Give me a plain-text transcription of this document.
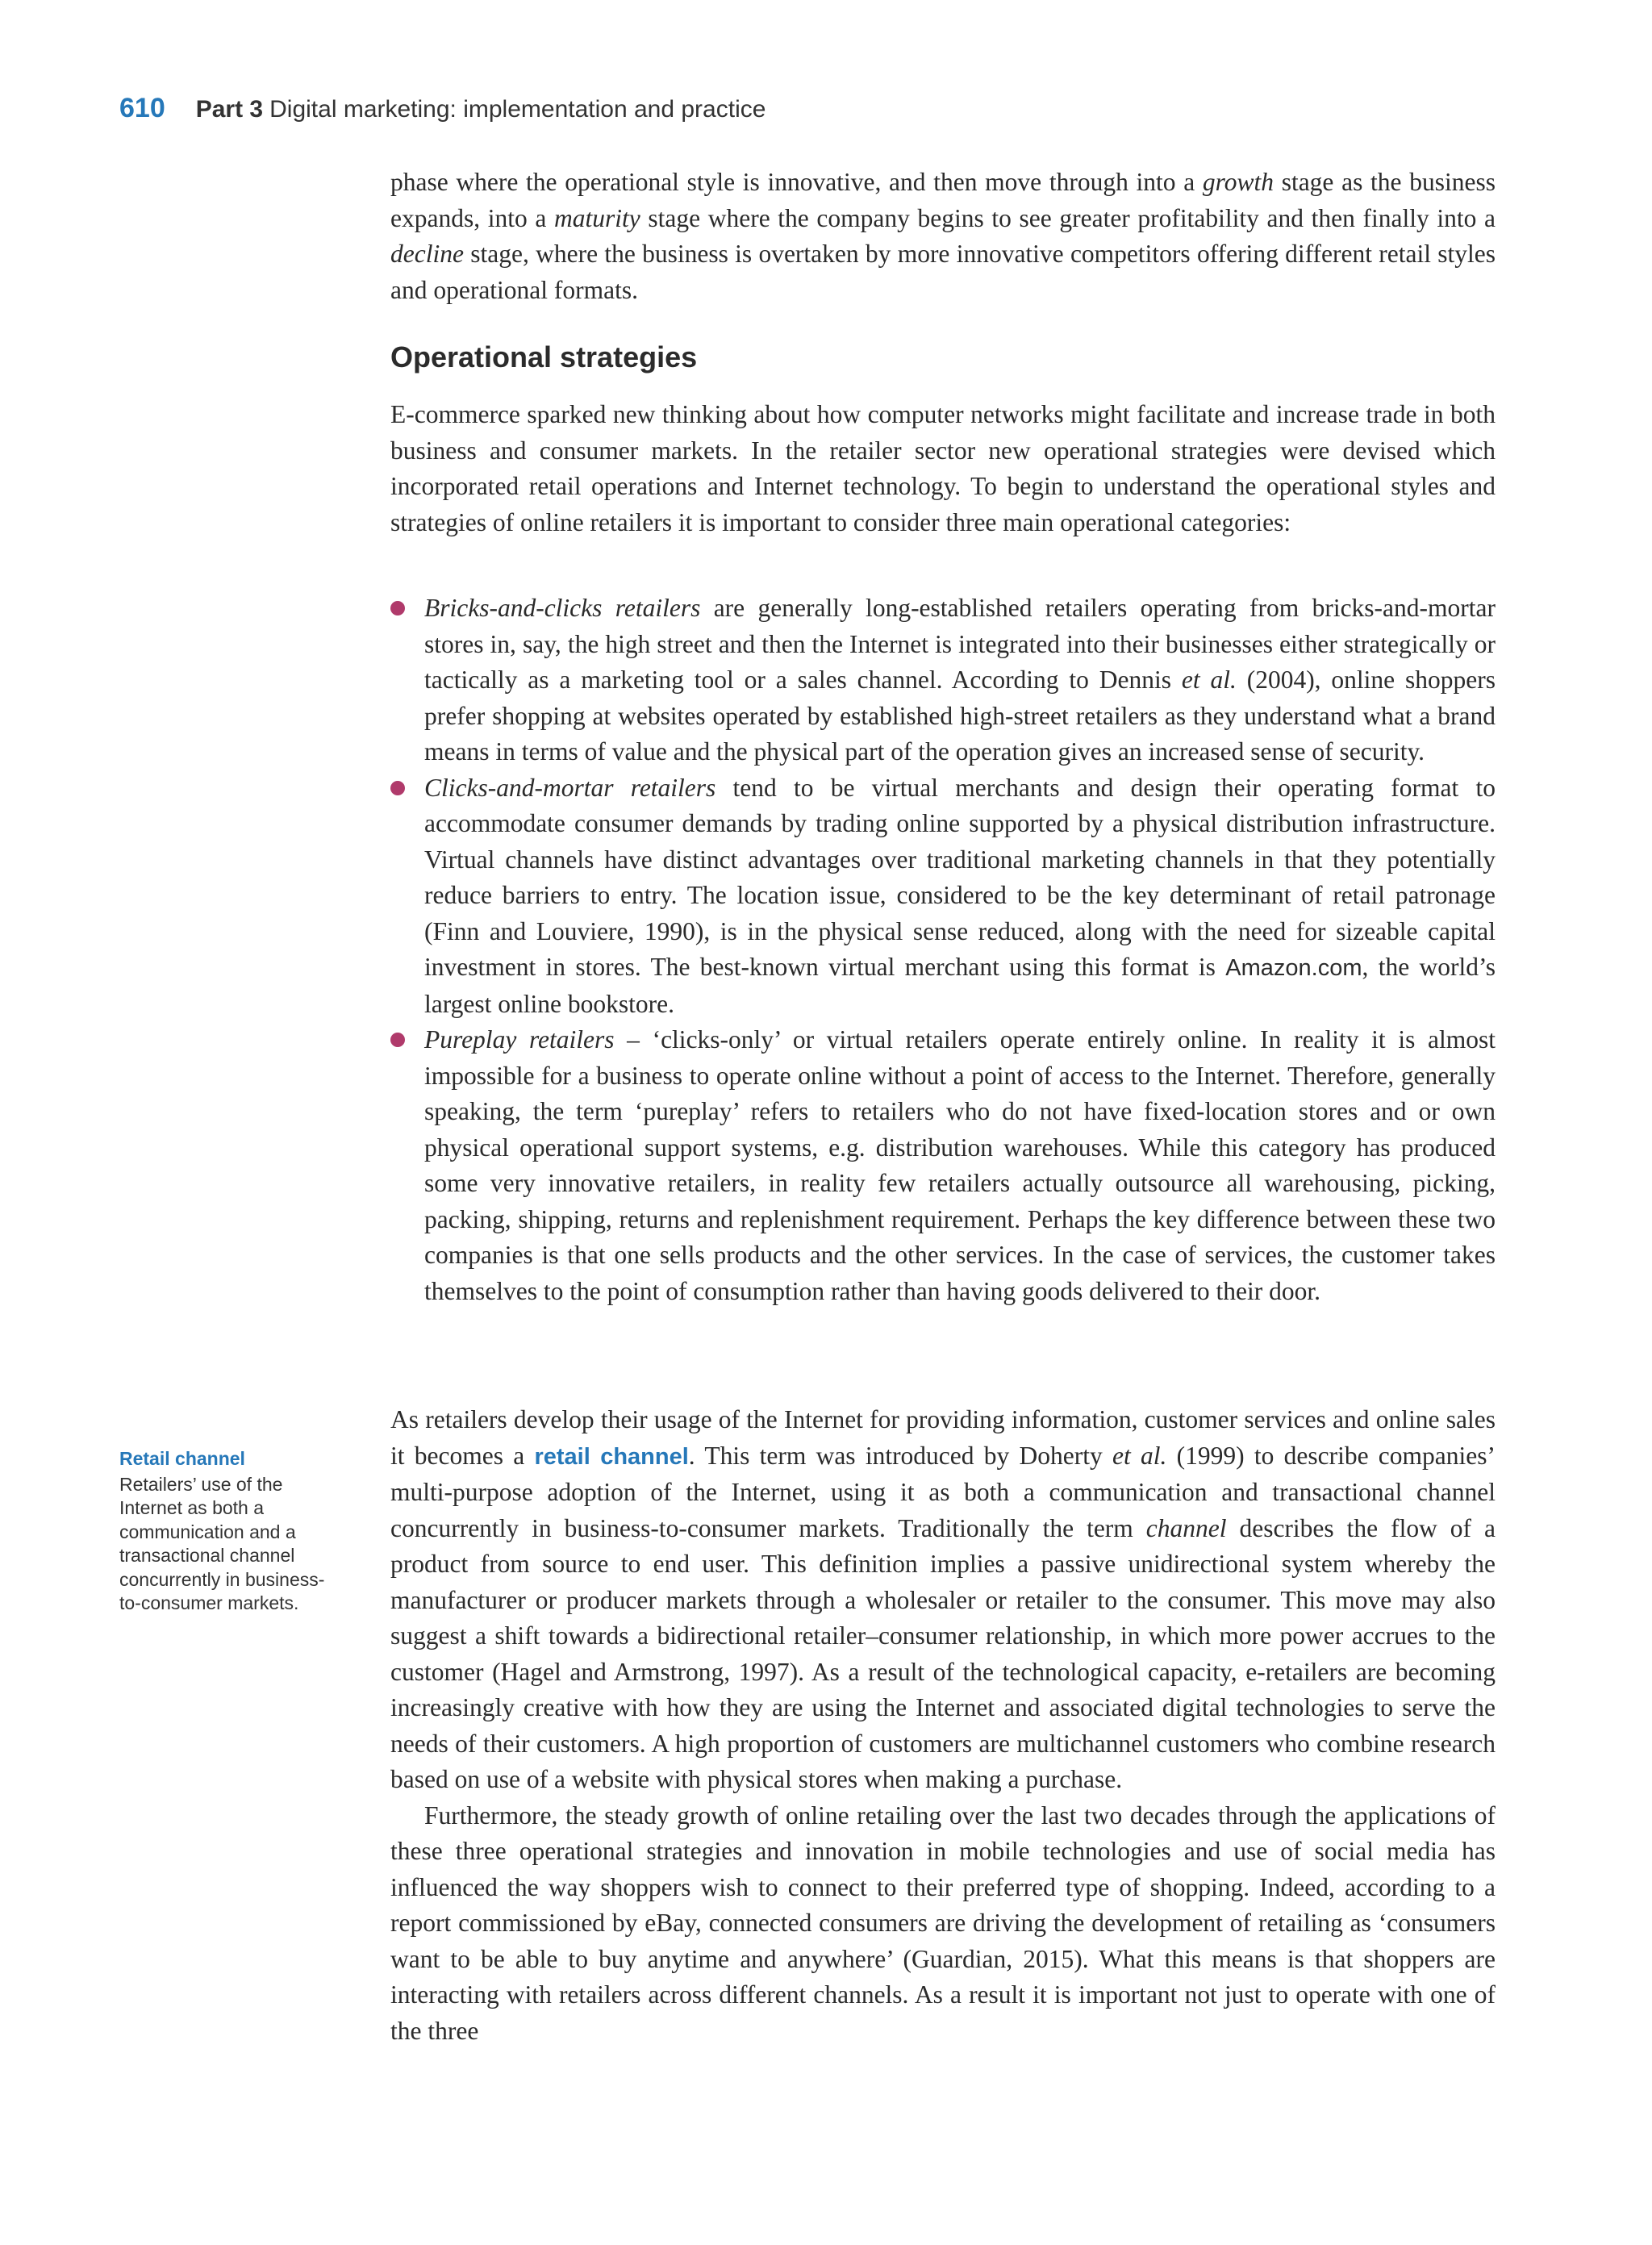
610 Part 3 Digital marketing: implementation and practice

phase where the operational style is innovative, and then move through into a growth stage as the business expands, into a maturity stage where the company begins to see greater profitability and then finally into a decline stage, where the business is overtaken by more innovative competitors offering different retail styles and operational formats.

Operational strategies

E-commerce sparked new thinking about how computer networks might facilitate and increase trade in both business and consumer markets. In the retailer sector new operational strategies were devised which incorporated retail operations and Internet technology. To begin to understand the operational styles and strategies of online retailers it is important to consider three main operational categories:

Bricks-and-clicks retailers are generally long-established retailers operating from bricks-and-mortar stores in, say, the high street and then the Internet is integrated into their businesses either strategically or tactically as a marketing tool or a sales channel. According to Dennis et al. (2004), online shoppers prefer shopping at websites operated by established high-street retailers as they understand what a brand means in terms of value and the physical part of the operation gives an increased sense of security.
Clicks-and-mortar retailers tend to be virtual merchants and design their operating format to accommodate consumer demands by trading online supported by a physical distribution infrastructure. Virtual channels have distinct advantages over traditional marketing channels in that they potentially reduce barriers to entry. The location issue, considered to be the key determinant of retail patronage (Finn and Louviere, 1990), is in the physical sense reduced, along with the need for sizeable capital investment in stores. The best-known virtual merchant using this format is Amazon.com, the world’s largest online bookstore.
Pureplay retailers – ‘clicks-only’ or virtual retailers operate entirely online. In reality it is almost impossible for a business to operate online without a point of access to the Internet. Therefore, generally speaking, the term ‘pureplay’ refers to retailers who do not have fixed-location stores and or own physical operational support systems, e.g. distribution warehouses. While this category has produced some very innovative retailers, in reality few retailers actually outsource all warehousing, picking, packing, shipping, returns and replenishment requirement. Perhaps the key difference between these two companies is that one sells products and the other services. In the case of services, the customer takes themselves to the point of consumption rather than having goods delivered to their door.

As retailers develop their usage of the Internet for providing information, customer services and online sales it becomes a retail channel. This term was introduced by Doherty et al. (1999) to describe companies’ multi-purpose adoption of the Internet, using it as both a communication and transactional channel concurrently in business-to-consumer markets. Traditionally the term channel describes the flow of a product from source to end user. This definition implies a passive unidirectional system whereby the manufacturer or producer markets through a wholesaler or retailer to the consumer. This move may also suggest a shift towards a bidirectional retailer–consumer relationship, in which more power accrues to the customer (Hagel and Armstrong, 1997). As a result of the technological capacity, e-retailers are becoming increasingly creative with how they are using the Internet and associated digital technologies to serve the needs of their customers. A high proportion of customers are multichannel customers who combine research based on use of a website with physical stores when making a purchase.

Furthermore, the steady growth of online retailing over the last two decades through the applications of these three operational strategies and innovation in mobile technologies and use of social media has influenced the way shoppers wish to connect to their preferred type of shopping. Indeed, according to a report commissioned by eBay, connected consumers are driving the development of retailing as ‘consumers want to be able to buy anytime and anywhere’ (Guardian, 2015). What this means is that shoppers are interacting with retailers across different channels. As a result it is important not just to operate with one of the three

Retail channel

Retailers’ use of the Internet as both a communication and a transactional channel concurrently in business-to-consumer markets.
